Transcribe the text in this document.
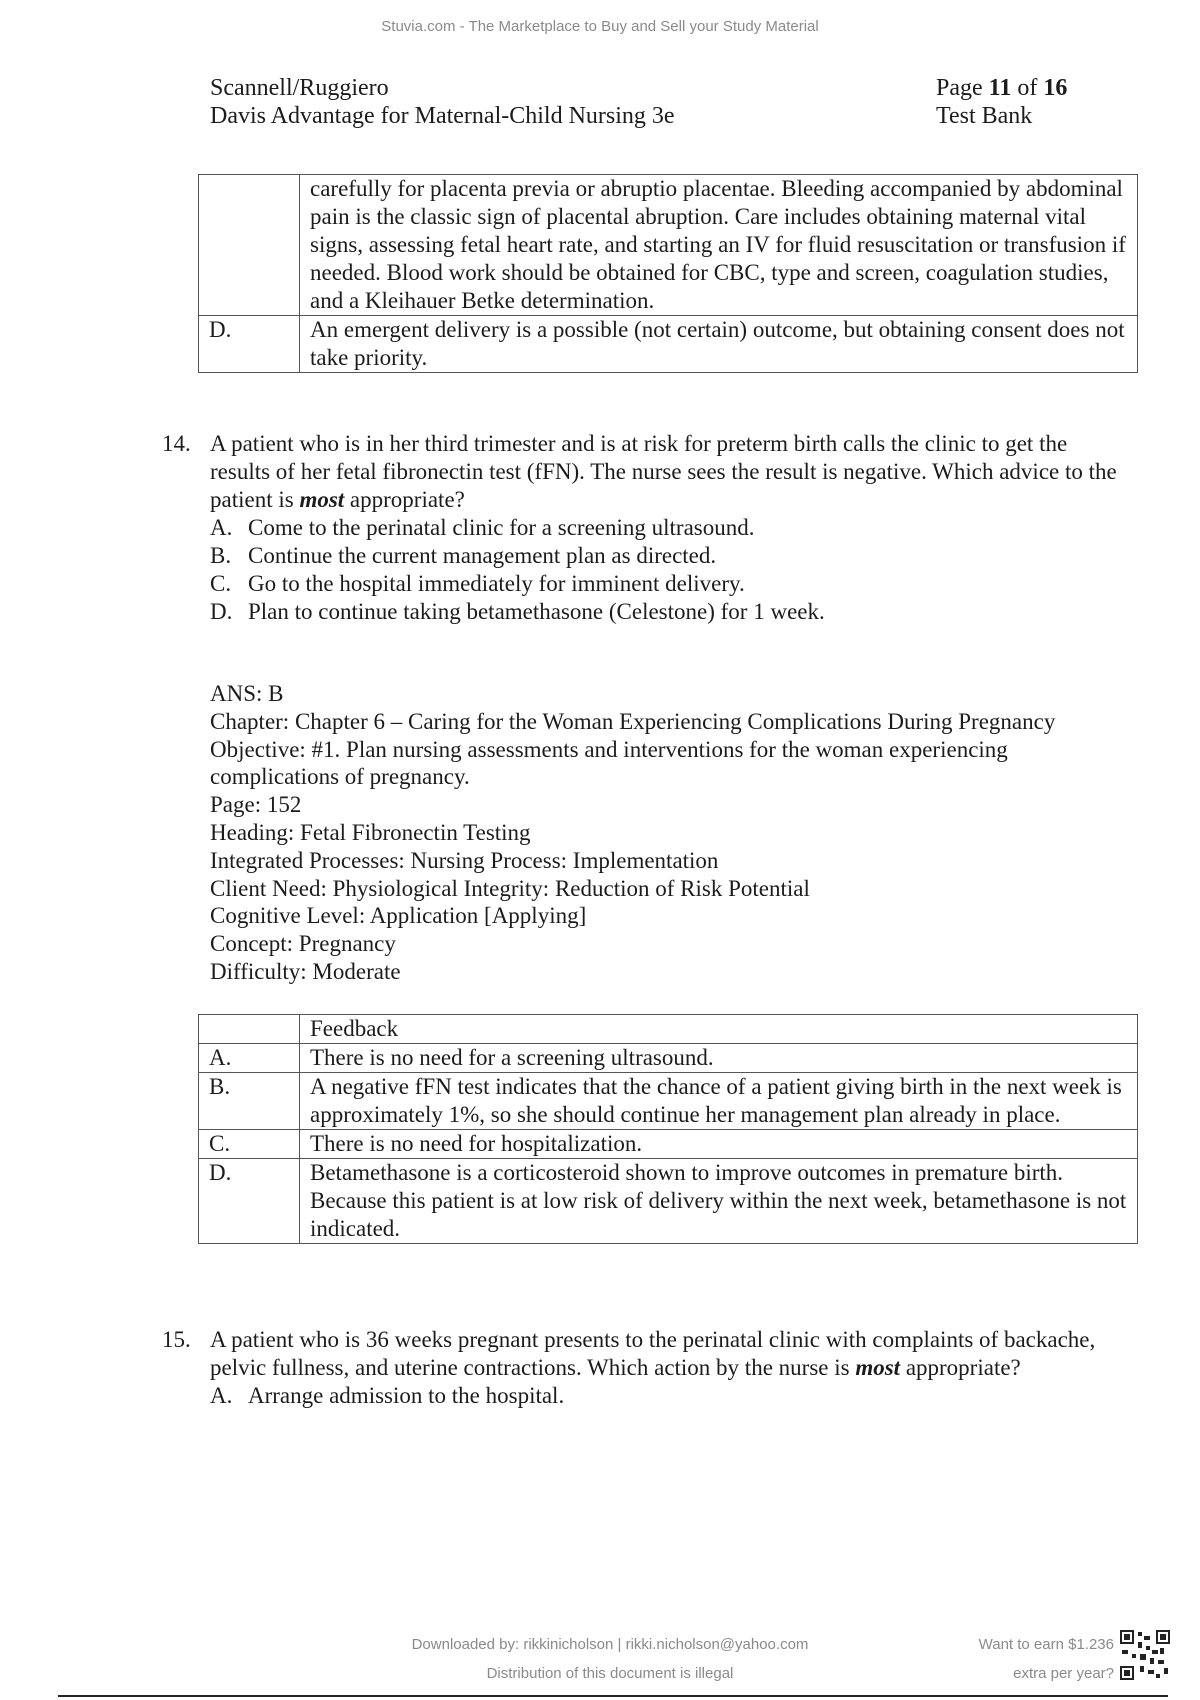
Stuvia.com - The Marketplace to Buy and Sell your Study Material
Scannell/Ruggiero
Davis Advantage for Maternal-Child Nursing 3e
Page 11 of 16
Test Bank
	carefully for placenta previa or abruptio placentae. Bleeding accompanied by abdominal pain is the classic sign of placental abruption. Care includes obtaining maternal vital signs, assessing fetal heart rate, and starting an IV for fluid resuscitation or transfusion if needed. Blood work should be obtained for CBC, type and screen, coagulation studies, and a Kleihauer Betke determination.
D.	An emergent delivery is a possible (not certain) outcome, but obtaining consent does not take priority.
14. A patient who is in her third trimester and is at risk for preterm birth calls the clinic to get the results of her fetal fibronectin test (fFN). The nurse sees the result is negative. Which advice to the patient is most appropriate?
A. Come to the perinatal clinic for a screening ultrasound.
B. Continue the current management plan as directed.
C. Go to the hospital immediately for imminent delivery.
D. Plan to continue taking betamethasone (Celestone) for 1 week.
ANS: B
Chapter: Chapter 6 – Caring for the Woman Experiencing Complications During Pregnancy
Objective: #1. Plan nursing assessments and interventions for the woman experiencing complications of pregnancy.
Page: 152
Heading: Fetal Fibronectin Testing
Integrated Processes: Nursing Process: Implementation
Client Need: Physiological Integrity: Reduction of Risk Potential
Cognitive Level: Application [Applying]
Concept: Pregnancy
Difficulty: Moderate
	Feedback
A.	There is no need for a screening ultrasound.
B.	A negative fFN test indicates that the chance of a patient giving birth in the next week is approximately 1%, so she should continue her management plan already in place.
C.	There is no need for hospitalization.
D.	Betamethasone is a corticosteroid shown to improve outcomes in premature birth. Because this patient is at low risk of delivery within the next week, betamethasone is not indicated.
15. A patient who is 36 weeks pregnant presents to the perinatal clinic with complaints of backache, pelvic fullness, and uterine contractions. Which action by the nurse is most appropriate?
A. Arrange admission to the hospital.
Downloaded by: rikkinicholson | rikki.nicholson@yahoo.com
Distribution of this document is illegal
Want to earn $1.236
extra per year?
